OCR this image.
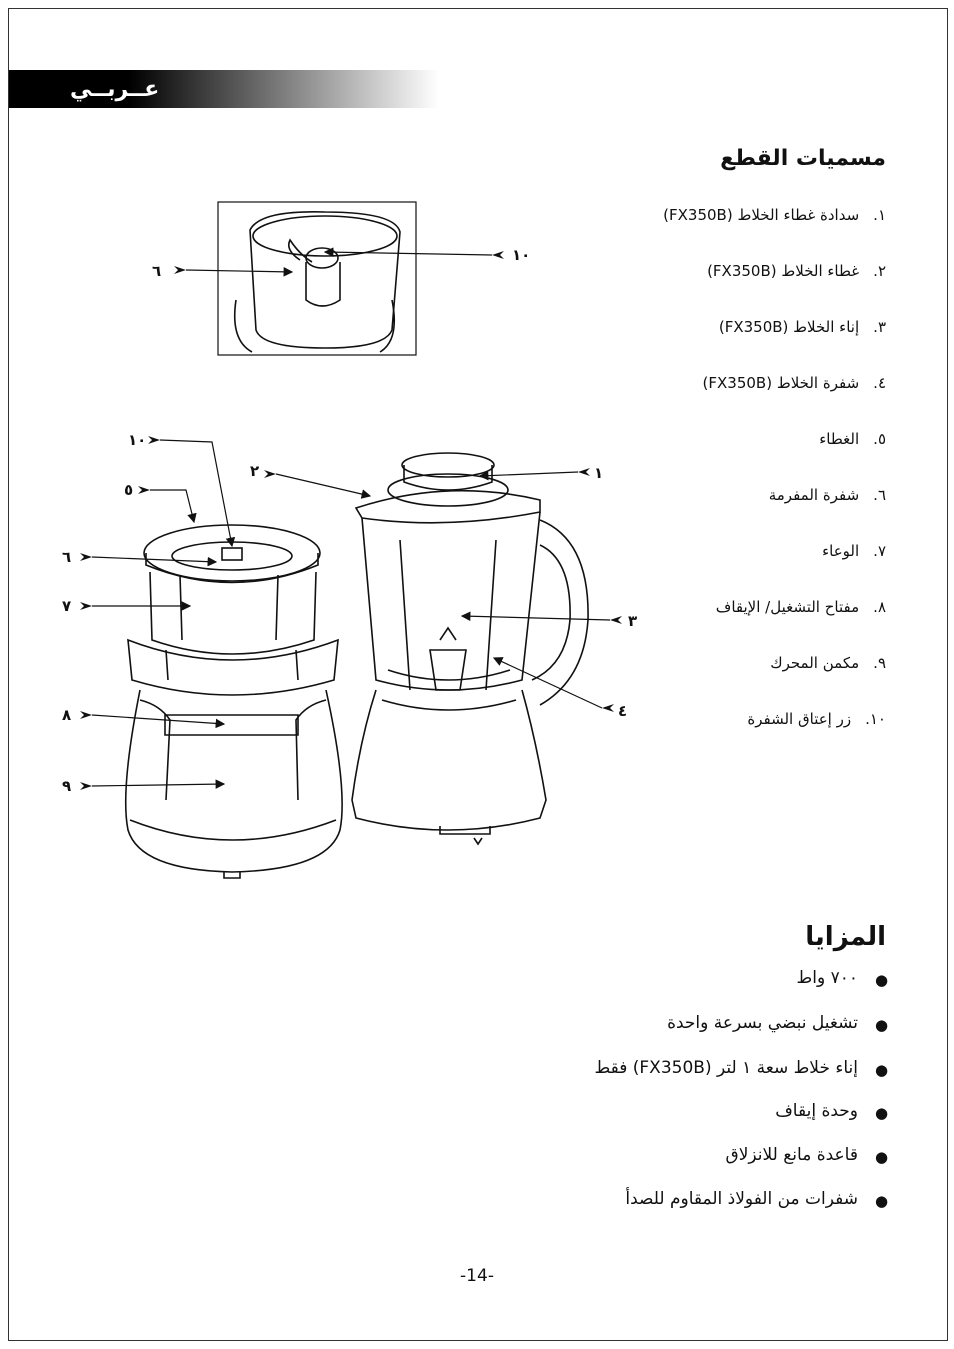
عــربــي
مسميات القطع
١.سدادة غطاء الخلاط (FX350B)
٢.غطاء الخلاط (FX350B)
٣.إناء الخلاط (FX350B)
٤.شفرة الخلاط (FX350B)
٥.الغطاء
٦.شفرة المفرمة
٧.الوعاء
٨.مفتاح التشغيل/ الإيقاف
٩.مكمن المحرك
١٠.زر إعتاق الشفرة
٦
١٠
١٠
٥
٦
٧
٨
٩
٢	١
٣
٤
المزايا
●
٧٠٠ واط
●
تشغيل نبضي بسرعة واحدة
●
إناء خلاط سعة ١ لتر (FX350B) فقط
●
وحدة إيقاف
●
قاعدة مانع للانزلاق
●
شفرات من الفولاذ المقاوم للصدأ
-14-
